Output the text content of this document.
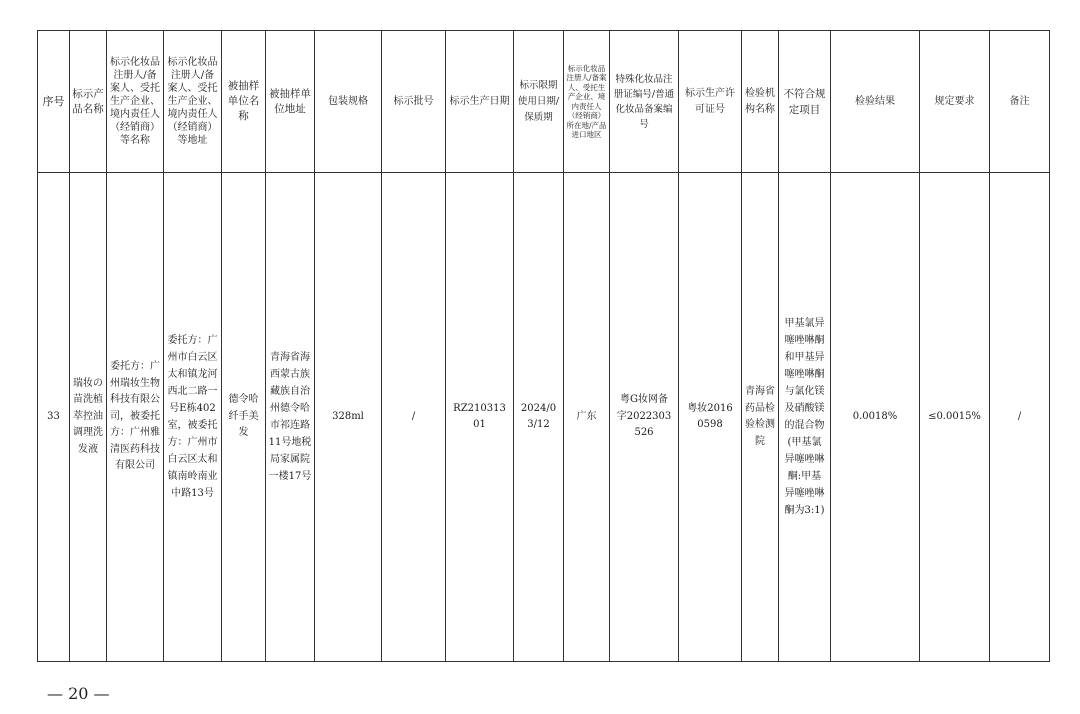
序号	标示产品名称	标示化妆品注册人/备案人、受托生产企业、境内责任人（经销商）等名称	标示化妆品注册人/备案人、受托生产企业、境内责任人（经销商）等地址	被抽样单位名称	被抽样单位地址	包装规格	标示批号	标示生产日期	标示限期使用日期/保质期	标示化妆品注册人/备案人、受托生产企业、境内责任人（经销商）所在地/产品进口地区	特殊化妆品注册证编号/普通化妆品备案编号	标示生产许可证号	检验机构名称	不符合规定项目	检验结果	规定要求	备注
33	瑞妆の苗洗植萃控油调理洗发液	委托方：广州瑞妆生物科技有限公司，被委托方：广州雅清医药科技有限公司	委托方：广州市白云区太和镇龙河西北二路一号E栋402室，被委托方：广州市白云区太和镇南岭南业中路13号	德令哈纤手美发	青海省海西蒙古族藏族自治州德令哈市祁连路11号地税局家属院一楼17号	328ml	/	RZ21031301	2024/03/12	广东	粤G妆网备字2022303526	粤妆20160598	青海省药品检验检测院	甲基氯异噻唑啉酮和甲基异噻唑啉酮与氯化镁及硝酸镁的混合物(甲基氯异噻唑啉酮:甲基异噻唑啉酮为3:1)	0.0018%	≤0.0015%	/
— 20 —
